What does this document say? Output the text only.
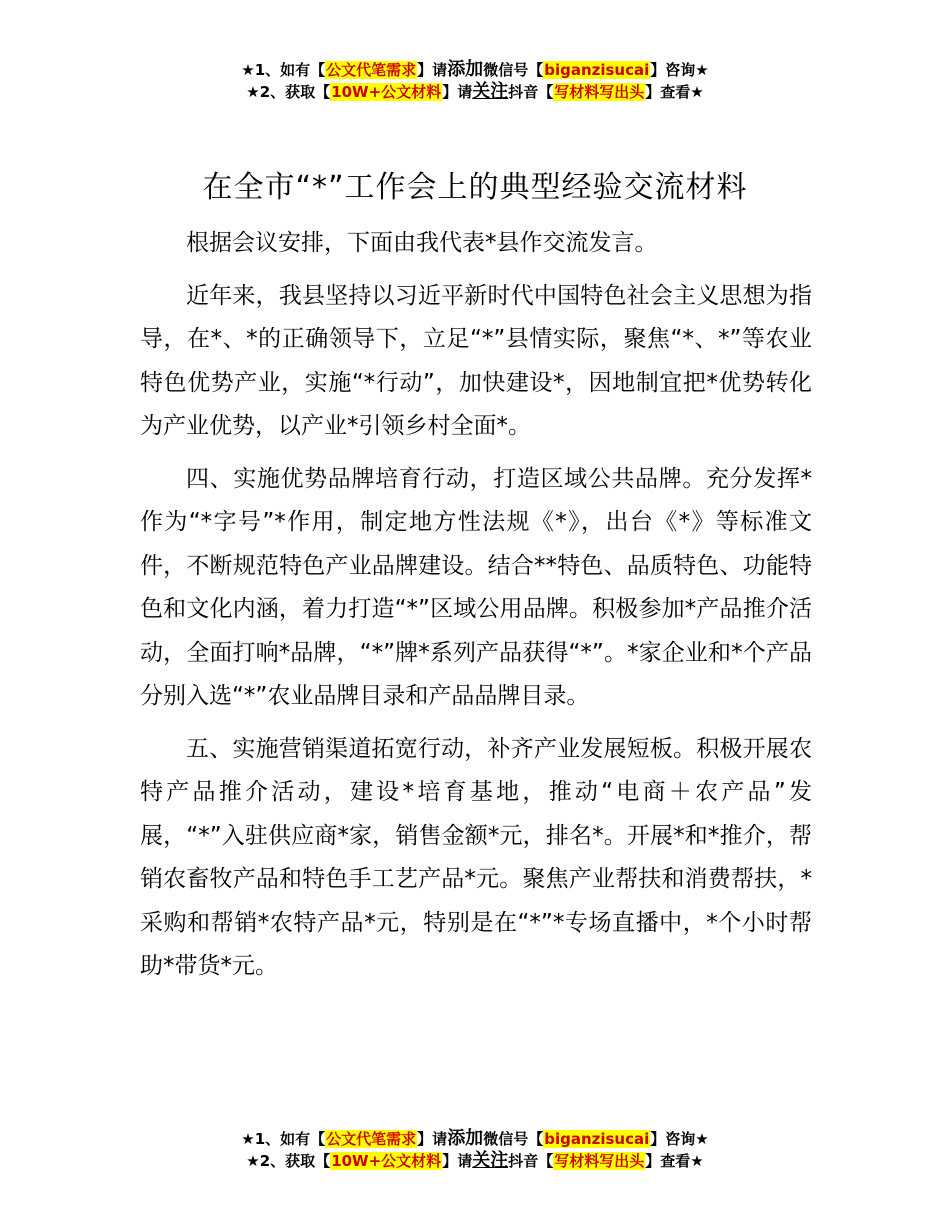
★1、如有【公文代笔需求】请添加微信号【biganzisucai】咨询★
★2、获取【10W+公文材料】请关注抖音【写材料写出头】查看★
在全市“*”工作会上的典型经验交流材料

根据会议安排，下面由我代表*县作交流发言。

近年来，我县坚持以习近平新时代中国特色社会主义思想为指导，在*、*的正确领导下，立足“*”县情实际，聚焦“*、*”等农业特色优势产业，实施“*行动”，加快建设*，因地制宜把*优势转化为产业优势，以产业*引领乡村全面*。

四、实施优势品牌培育行动，打造区域公共品牌。充分发挥*作为“*字号”*作用，制定地方性法规《*》，出台《*》等标准文件，不断规范特色产业品牌建设。结合**特色、品质特色、功能特色和文化内涵，着力打造“*”区域公用品牌。积极参加*产品推介活动，全面打响*品牌，“*”牌*系列产品获得“*”。*家企业和*个产品分别入选“*”农业品牌目录和产品品牌目录。

五、实施营销渠道拓宽行动，补齐产业发展短板。积极开展农特产品推介活动，建设*培育基地，推动“电商＋农产品”发展，“*”入驻供应商*家，销售金额*元，排名*。开展*和*推介，帮销农畜牧产品和特色手工艺产品*元。聚焦产业帮扶和消费帮扶，*采购和帮销*农特产品*元，特别是在“*”*专场直播中，*个小时帮助*带货*元。

★1、如有【公文代笔需求】请添加微信号【biganzisucai】咨询★
★2、获取【10W+公文材料】请关注抖音【写材料写出头】查看★
